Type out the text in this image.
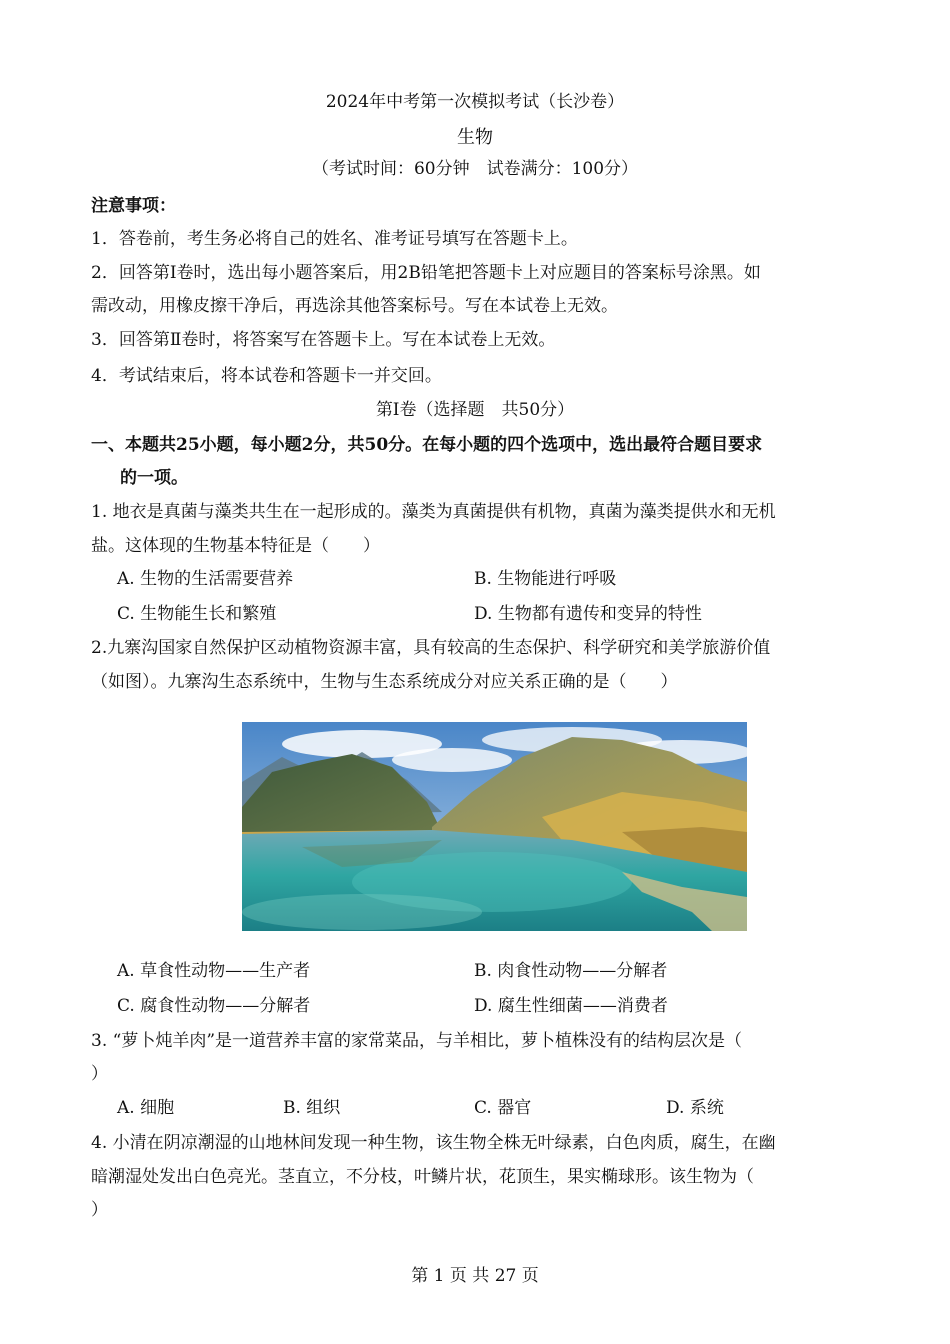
2024年中考第一次模拟考试（长沙卷）
生物
（考试时间：60分钟　试卷满分：100分）
注意事项：
1．答卷前，考生务必将自己的姓名、准考证号填写在答题卡上。
2．回答第Ⅰ卷时，选出每小题答案后，用2B铅笔把答题卡上对应题目的答案标号涂黑。如
需改动，用橡皮擦干净后，再选涂其他答案标号。写在本试卷上无效。
3．回答第Ⅱ卷时，将答案写在答题卡上。写在本试卷上无效。
4．考试结束后，将本试卷和答题卡一并交回。
第Ⅰ卷（选择题　共50分）
一、本题共25小题，每小题2分，共50分。在每小题的四个选项中，选出最符合题目要求
的一项。
1. 地衣是真菌与藻类共生在一起形成的。藻类为真菌提供有机物，真菌为藻类提供水和无机
盐。这体现的生物基本特征是（　　）
A. 生物的生活需要营养	B. 生物能进行呼吸
C. 生物能生长和繁殖	D. 生物都有遗传和变异的特性
2.九寨沟国家自然保护区动植物资源丰富，具有较高的生态保护、科学研究和美学旅游价值
（如图）。九寨沟生态系统中，生物与生态系统成分对应关系正确的是（　　）
A. 草食性动物——生产者	B. 肉食性动物——分解者
C. 腐食性动物——分解者	D. 腐生性细菌——消费者
3. “萝卜炖羊肉”是一道营养丰富的家常菜品，与羊相比，萝卜植株没有的结构层次是（
）
A. 细胞	B. 组织	C. 器官	D. 系统
4. 小清在阴凉潮湿的山地林间发现一种生物，该生物全株无叶绿素，白色肉质，腐生，在幽
暗潮湿处发出白色亮光。茎直立，不分枝，叶鳞片状，花顶生，果实椭球形。该生物为（
）
第 1 页 共 27 页
